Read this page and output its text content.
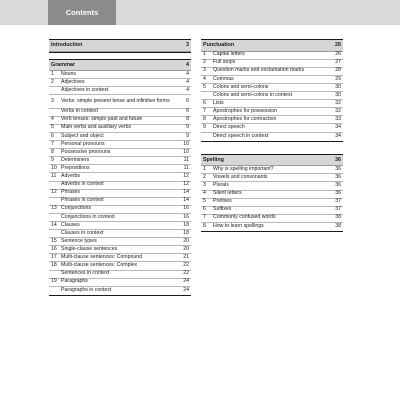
Contents
Introduction	3
Grammar	4
1	Nouns	4
2	Adjectives	4
Adjectives in context	4
3	Verbs: simple present tense and infinitive forms	6
Verbs in context	6
4	Verb tenses: simple past and future	8
5	Main verbs and auxiliary verbs	9
6	Subject and object	9
7	Personal pronouns	10
8	Possessive pronouns	10
9	Determiners	11
10 Prepositions	11
11 Adverbs	12
Adverbs in context	12
12 Phrases	14
Phrases in context	14
13 Conjunctions	16
Conjunctions in context	16
14 Clauses	18
Clauses in context	18
15 Sentence types	20
16 Single-clause sentences	20
17 Multi-clause sentences: Compound	21
18 Multi-clause sentences: Complex	22
Sentences in context	22
19 Paragraphs	24
Paragraphs in context	24
Punctuation	26
1	Capital letters	26
2	Full stops	27
3	Question marks and exclamation marks	28
4	Commas	29
5	Colons and semi-colons	30
Colons and semi-colons in context	30
6	Lists	32
7	Apostrophes for possession	32
8	Apostrophes for contraction	33
9	Direct speech	34
Direct speech in context	34
Spelling	36
1	Why is spelling important?	36
2	Vowels and consonants	36
3	Plurals	36
4	Silent letters	36
5	Prefixes	37
6	Suffixes	37
7	Commonly confused words	38
8	How to learn spellings	38
